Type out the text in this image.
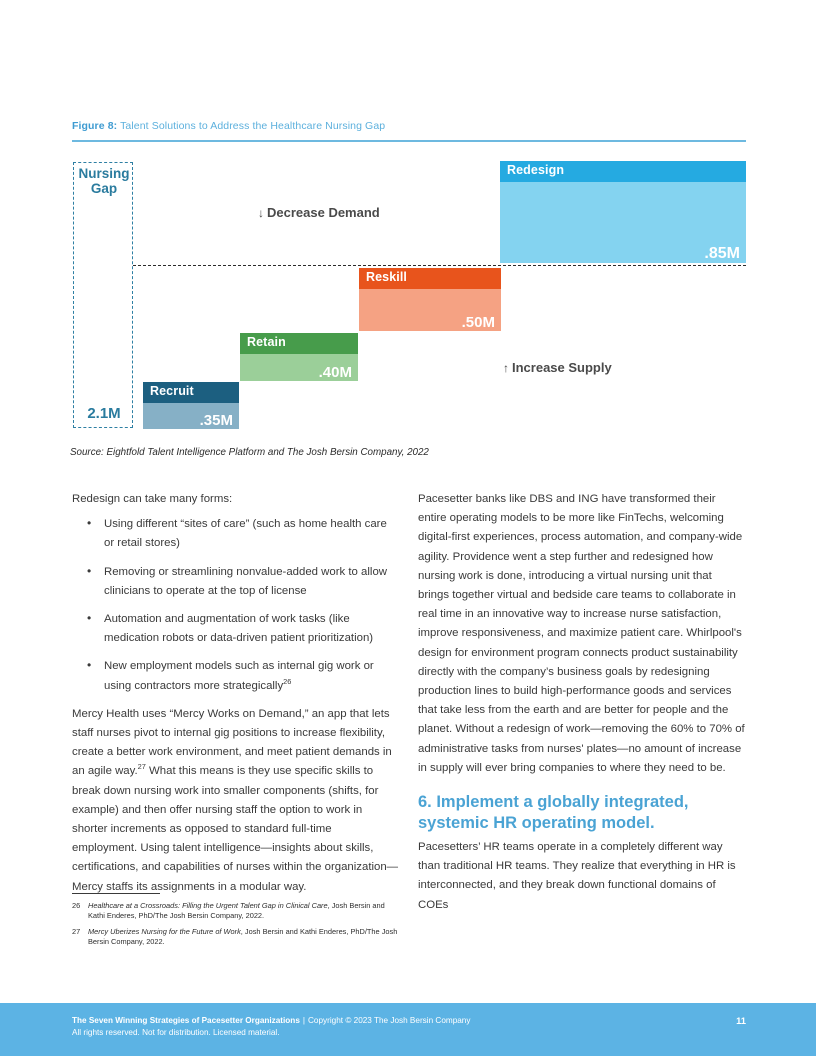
Figure 8: Talent Solutions to Address the Healthcare Nursing Gap
Nursing
Gap
2.1M
Recruit
.35M
Retain
.40M
Reskill
.50M
Redesign
.85M
↓ Decrease Demand
↑ Increase Supply
Source: Eightfold Talent Intelligence Platform and The Josh Bersin Company, 2022

Redesign can take many forms:

• Using different “sites of care” (such as home health care or retail stores)
• Removing or streamlining nonvalue-added work to allow clinicians to operate at the top of license
• Automation and augmentation of work tasks (like medication robots or data-driven patient prioritization)
• New employment models such as internal gig work or using contractors more strategically$^{26}$

Mercy Health uses “Mercy Works on Demand,” an app that lets staff nurses pivot to internal gig positions to increase flexibility, create a better work environment, and meet patient demands in an agile way.$^{27}$ What this means is they use specific skills to break down nursing work into smaller components (shifts, for example) and then offer nursing staff the option to work in shorter increments as opposed to standard full-time employment. Using talent intelligence—insights about skills, certifications, and capabilities of nurses within the organization—Mercy staffs its assignments in a modular way.

Pacesetter banks like DBS and ING have transformed their entire operating models to be more like FinTechs, welcoming digital-first experiences, process automation, and company-wide agility. Providence went a step further and redesigned how nursing work is done, introducing a virtual nursing unit that brings together virtual and bedside care teams to collaborate in real time in an innovative way to increase nurse satisfaction, improve responsiveness, and maximize patient care. Whirlpool's design for environment program connects product sustainability directly with the company’s business goals by redesigning production lines to build high-performance goods and services that take less from the earth and are better for people and the planet. Without a redesign of work—removing the 60% to 70% of administrative tasks from nurses' plates—no amount of increase in supply will ever bring companies to where they need to be.

6. Implement a globally integrated, systemic HR operating model.

Pacesetters’ HR teams operate in a completely different way than traditional HR teams. They realize that everything in HR is interconnected, and they break down functional domains of COEs

26 Healthcare at a Crossroads: Filling the Urgent Talent Gap in Clinical Care, Josh Bersin and Kathi Enderes, PhD/The Josh Bersin Company, 2022.
27 Mercy Uberizes Nursing for the Future of Work, Josh Bersin and Kathi Enderes, PhD/The Josh Bersin Company, 2022.
The Seven Winning Strategies of Pacesetter Organizations | Copyright © 2023 The Josh Bersin Company
All rights reserved. Not for distribution. Licensed material.
11
